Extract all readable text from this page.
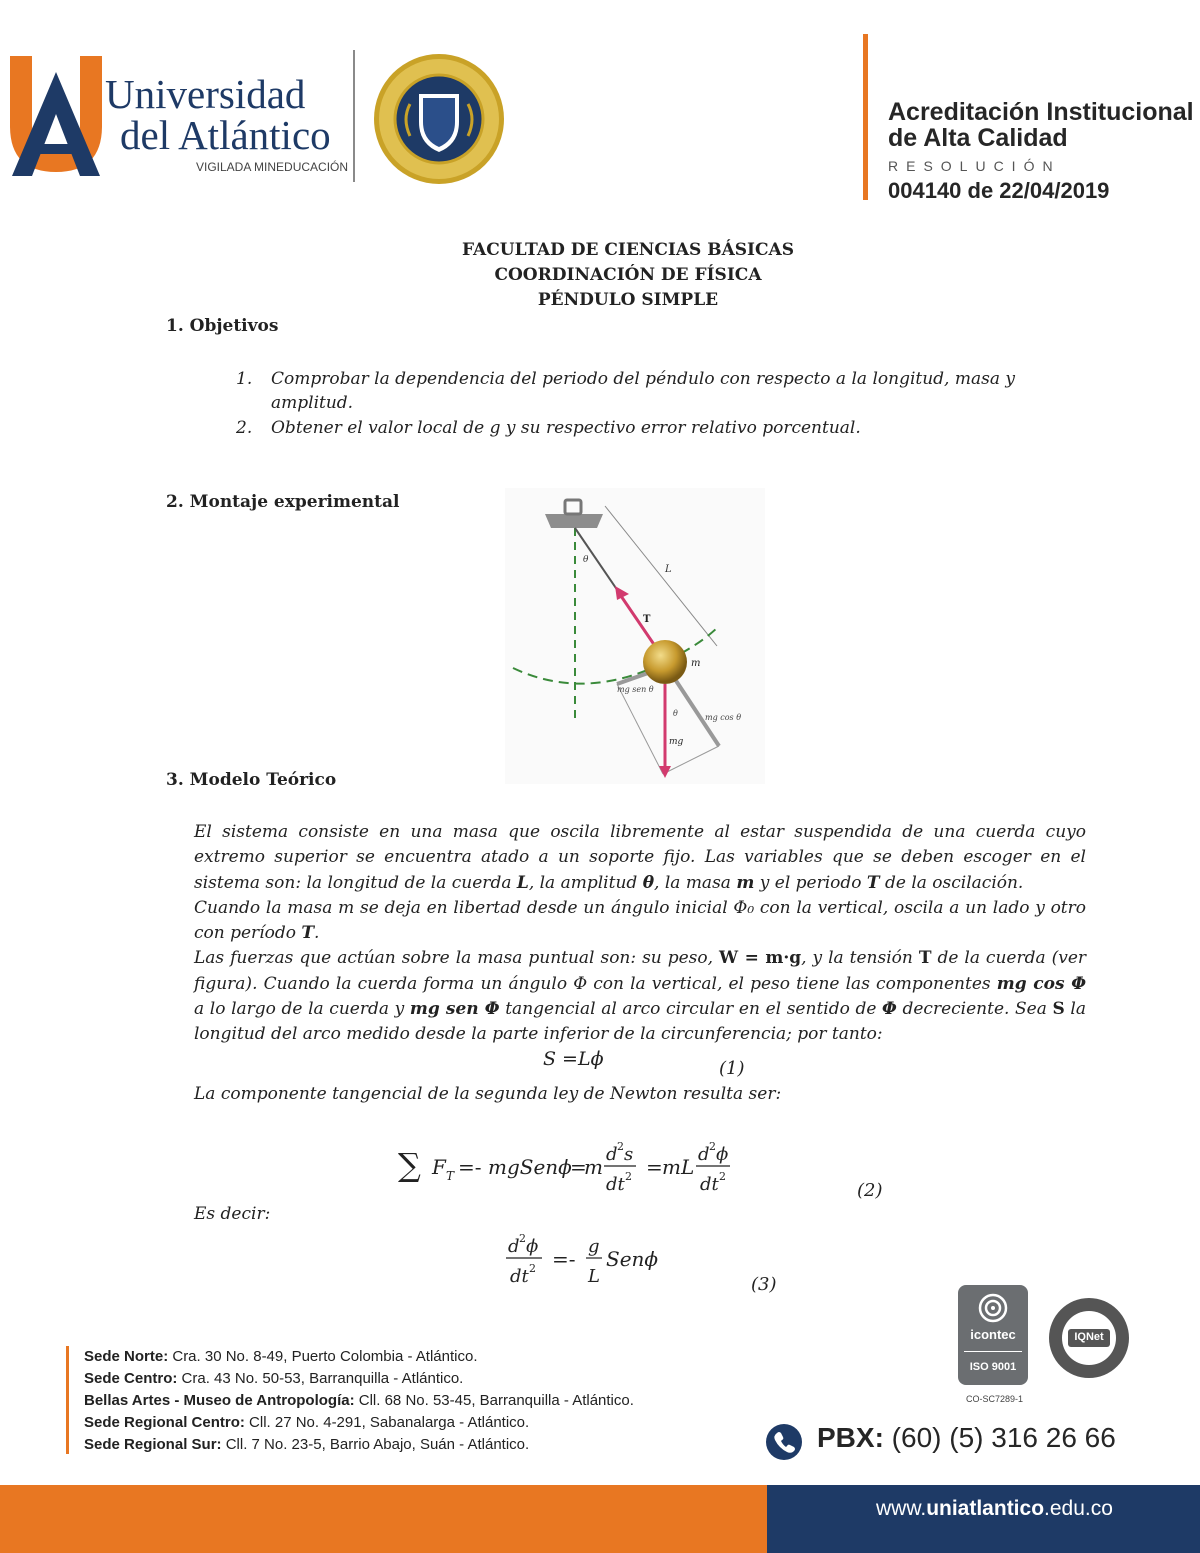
Universidad
del Atlántico
VIGILADA MINEDUCACIÓN
Acreditación Institucional
de Alta Calidad
RESOLUCIÓN
004140 de 22/04/2019
FACULTAD DE CIENCIAS BÁSICAS
COORDINACIÓN DE FÍSICA
PÉNDULO SIMPLE
1. Objetivos
1. Comprobar la dependencia del periodo del péndulo con respecto a la longitud, masa y
amplitud.
2. Obtener el valor local de g y su respectivo error relativo porcentual.
2. Montaje experimental
L
θ
T
m
mg sen θ
mg cos θ
θ
mg
3. Modelo Teórico

El sistema consiste en una masa que oscila libremente al estar suspendida de una cuerda cuyo extremo superior se encuentra atado a un soporte fijo. Las variables que se deben escoger en el sistema son: la longitud de la cuerda L, la amplitud θ, la masa m y el periodo T de la oscilación.

Cuando la masa m se deja en libertad desde un ángulo inicial Φ₀ con la vertical, oscila a un lado y otro con período T.

Las fuerzas que actúan sobre la masa puntual son: su peso, W = m·g, y la tensión T de la cuerda (ver figura). Cuando la cuerda forma un ángulo Φ con la vertical, el peso tiene las componentes mg cos Φ a lo largo de la cuerda y mg sen Φ tangencial al arco circular en el sentido de Φ decreciente. Sea S la longitud del arco medido desde la parte inferior de la circunferencia; por tanto:

S =Lϕ	(1)
La componente tangencial de la segunda ley de Newton resulta ser:
∑ F T =- mgSenϕ
=
m
d 2 s
dt 2 = mL
d 2 ϕ
dt 2
(2)
Es decir:
d 2 ϕ
dt 2 =-
g
L
Senϕ
(3)
Sede Norte: Cra. 30 No. 8-49, Puerto Colombia - Atlántico.
Sede Centro: Cra. 43 No. 50-53, Barranquilla - Atlántico.
Bellas Artes - Museo de Antropología: Cll. 68 No. 53-45, Barranquilla - Atlántico.
Sede Regional Centro: Cll. 27 No. 4-291, Sabanalarga - Atlántico.
Sede Regional Sur: Cll. 7 No. 23-5, Barrio Abajo, Suán - Atlántico.
icontec
ISO 9001
CO-SC7289-1
IQNet
PBX: (60) (5) 316 26 66
www.uniatlantico.edu.co
